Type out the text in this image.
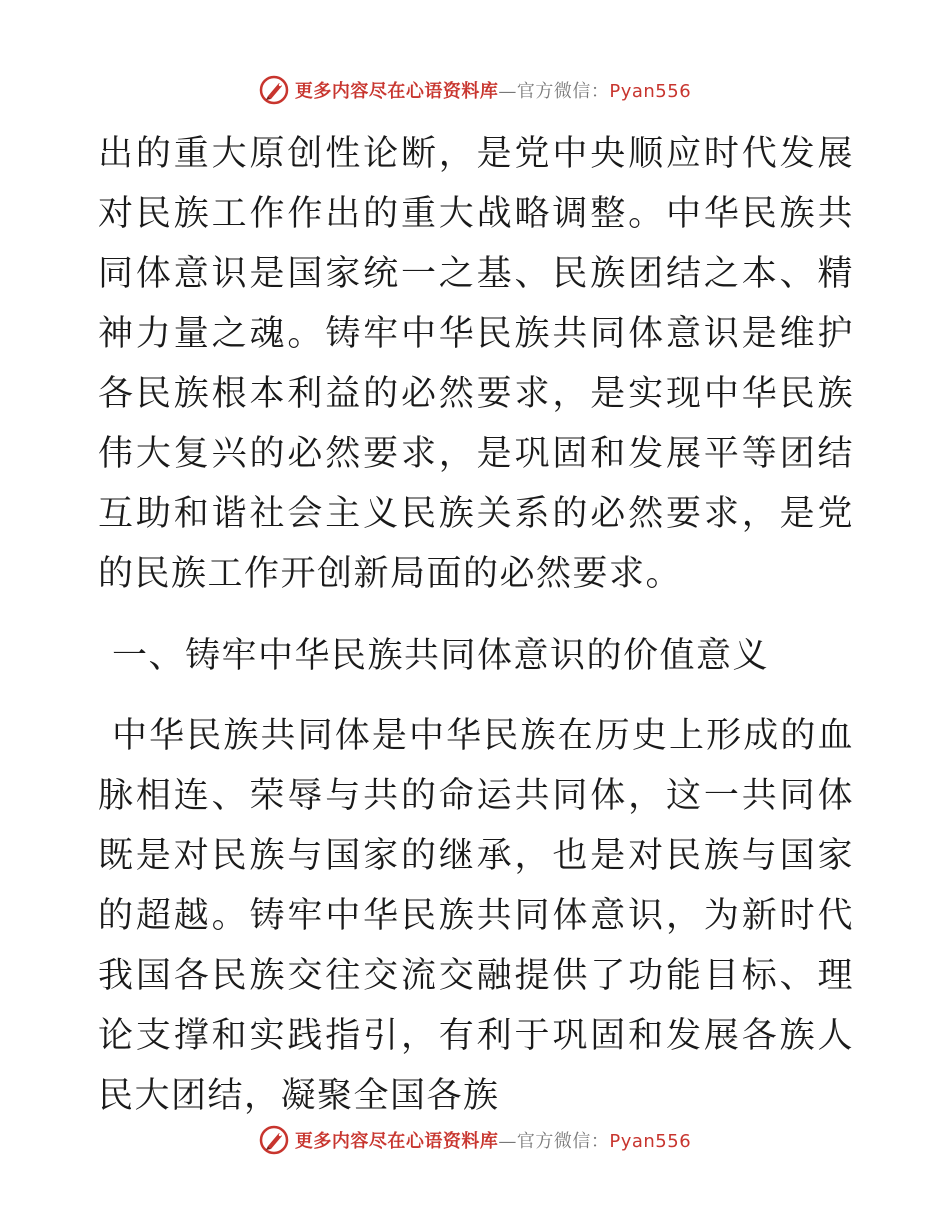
更多内容尽在心语资料库—官方微信：Pyan556

出的重大原创性论断，是党中央顺应时代发展对民族工作作出的重大战略调整。中华民族共同体意识是国家统一之基、民族团结之本、精神力量之魂。铸牢中华民族共同体意识是维护各民族根本利益的必然要求，是实现中华民族伟大复兴的必然要求，是巩固和发展平等团结互助和谐社会主义民族关系的必然要求，是党的民族工作开创新局面的必然要求。

一、铸牢中华民族共同体意识的价值意义

中华民族共同体是中华民族在历史上形成的血脉相连、荣辱与共的命运共同体，这一共同体既是对民族与国家的继承，也是对民族与国家的超越。铸牢中华民族共同体意识，为新时代我国各民族交往交流交融提供了功能目标、理论支撑和实践指引，有利于巩固和发展各族人民大团结，凝聚全国各族

更多内容尽在心语资料库—官方微信：Pyan556
